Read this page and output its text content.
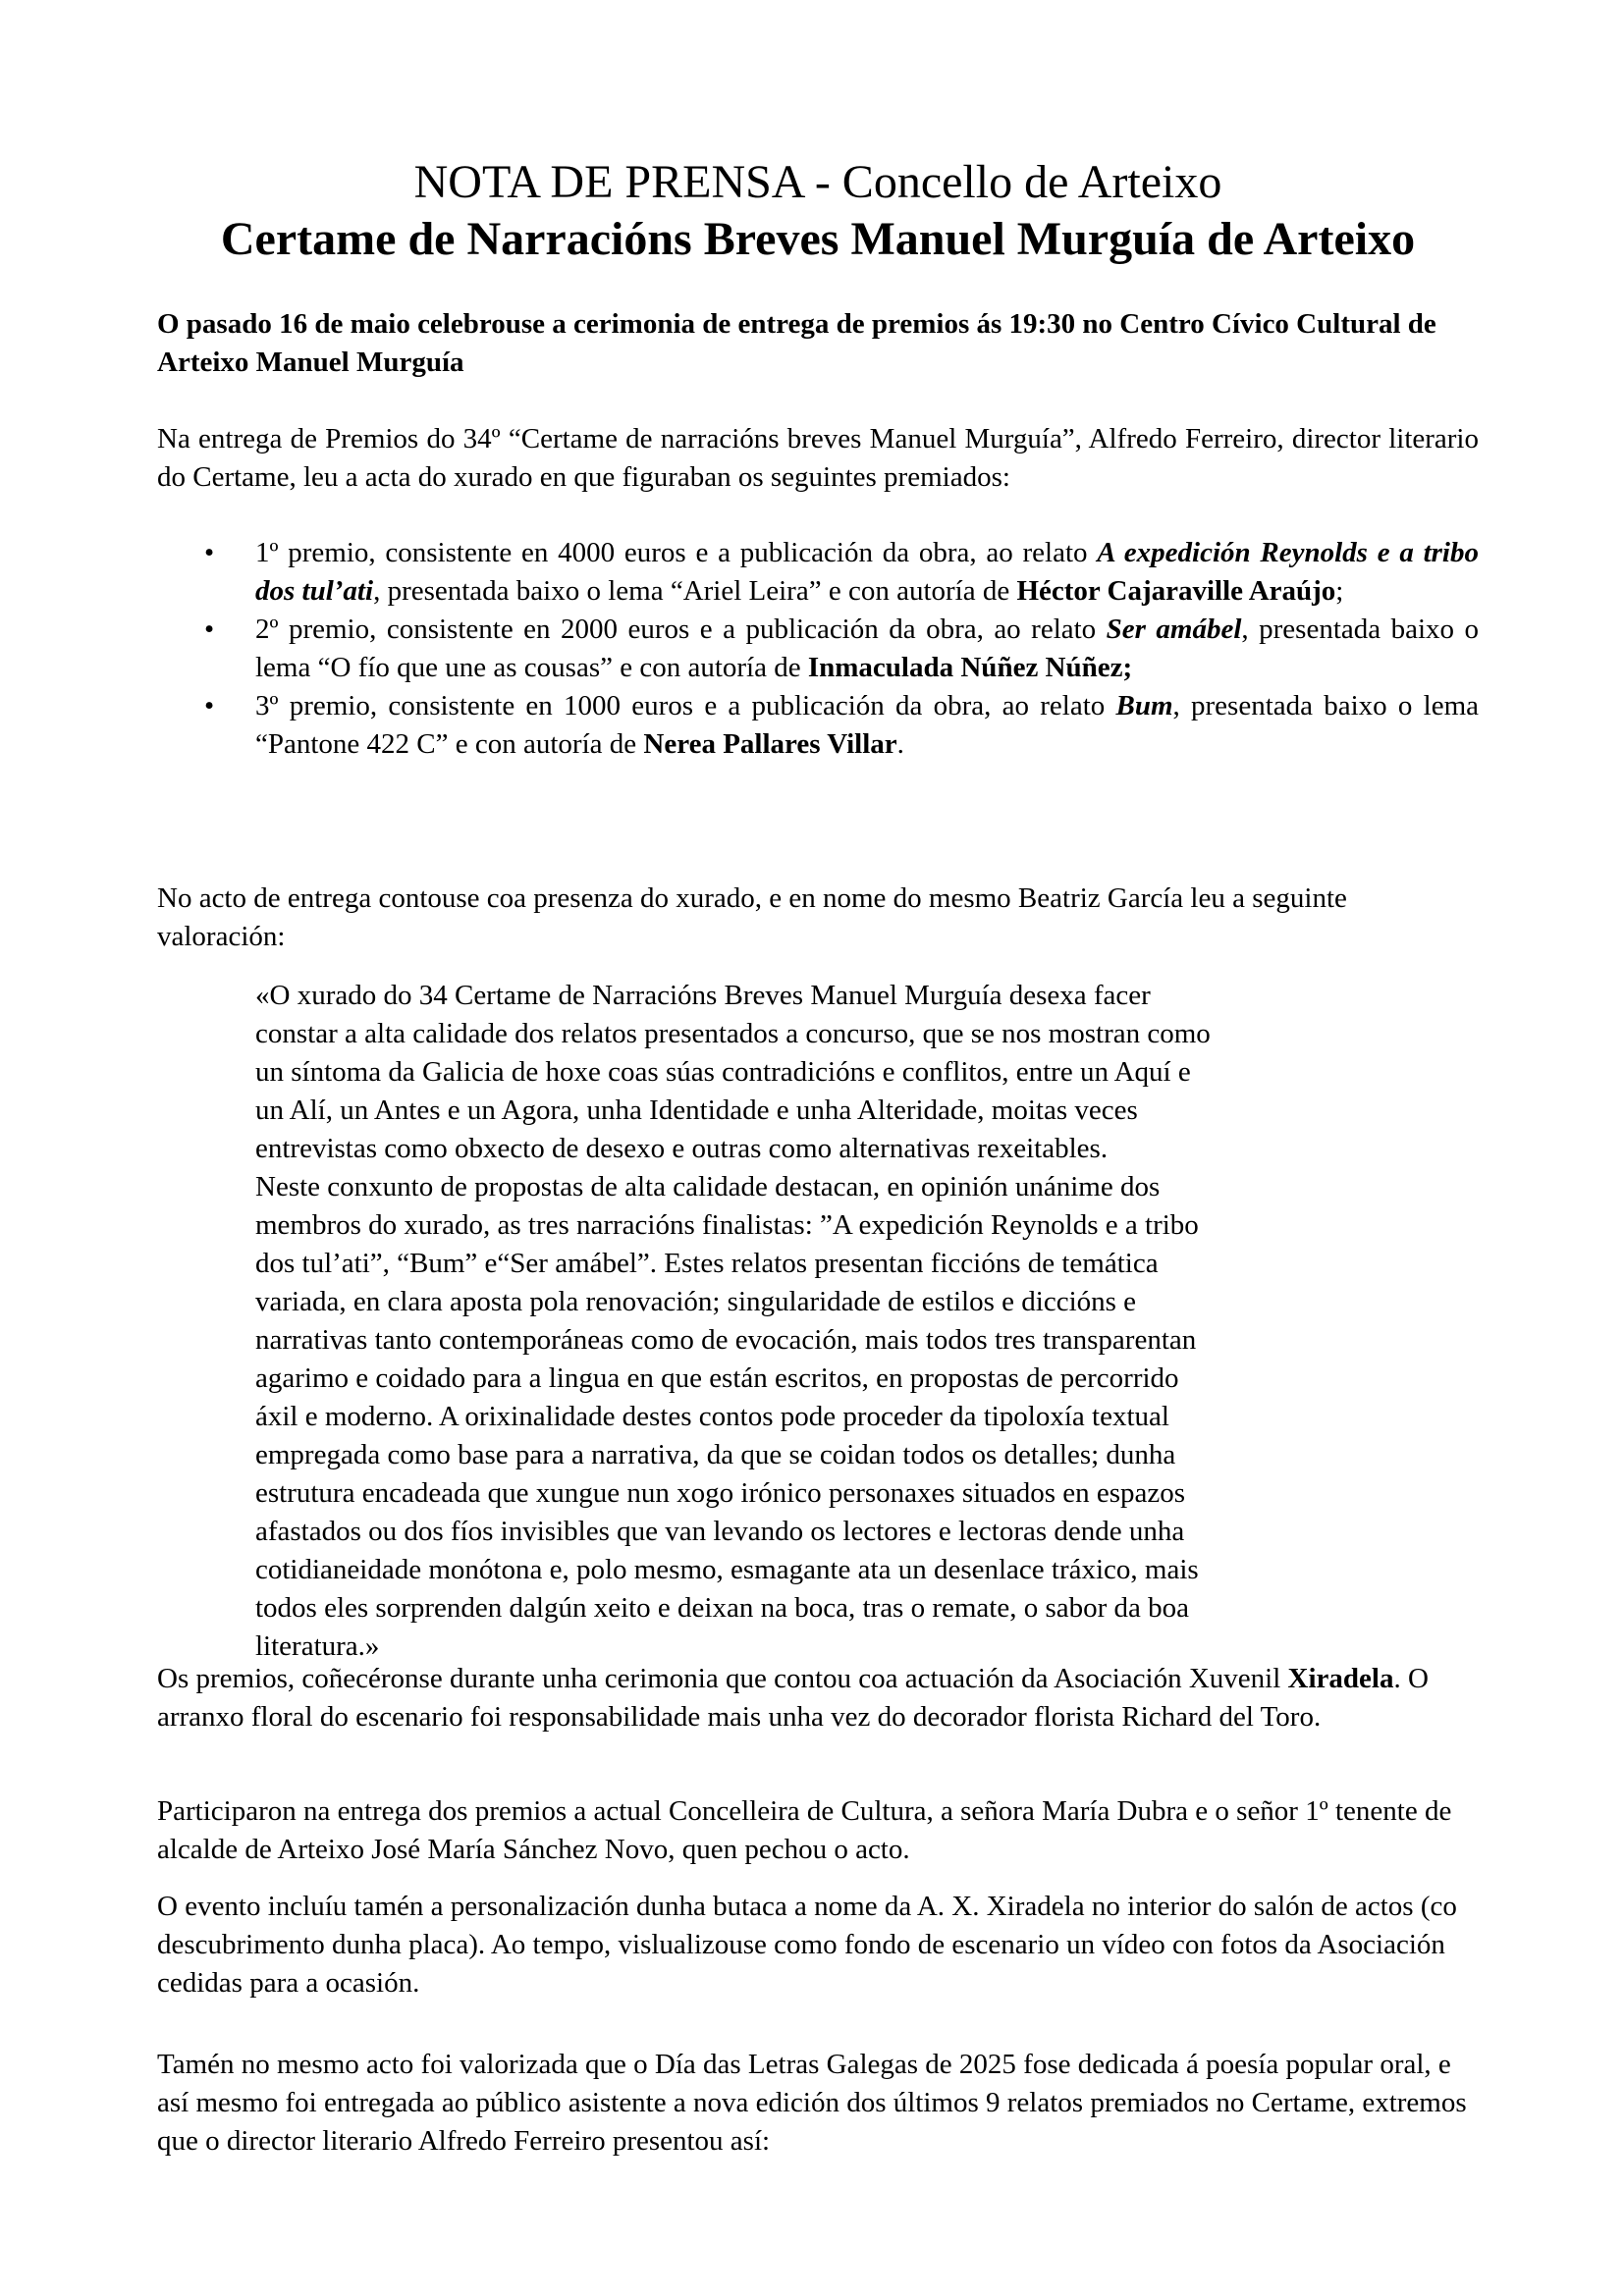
NOTA DE PRENSA - Concello de Arteixo
Certame de Narracións Breves Manuel Murguía de Arteixo

O pasado 16 de maio celebrouse a cerimonia de entrega de premios ás 19:30 no Centro Cívico Cultural de Arteixo Manuel Murguía

Na entrega de Premios do 34º “Certame de narracións breves Manuel Murguía”, Alfredo Ferreiro, director literario do Certame, leu a acta do xurado en que figuraban os seguintes premiados:

• 1º premio, consistente en 4000 euros e a publicación da obra, ao relato A expedición Reynolds e a tribo dos tul’ati, presentada baixo o lema “Ariel Leira” e con autoría de Héctor Cajaraville Araújo;
• 2º premio, consistente en 2000 euros e a publicación da obra, ao relato Ser amábel, presentada baixo o lema “O fío que une as cousas” e con autoría de Inmaculada Núñez Núñez;
• 3º premio, consistente en 1000 euros e a publicación da obra, ao relato Bum, presentada baixo o lema “Pantone 422 C” e con autoría de Nerea Pallares Villar.

No acto de entrega contouse coa presenza do xurado, e en nome do mesmo Beatriz García leu a seguinte valoración:

«O xurado do 34 Certame de Narracións Breves Manuel Murguía desexa facer
constar a alta calidade dos relatos presentados a concurso, que se nos mostran como
un síntoma da Galicia de hoxe coas súas contradicións e conflitos, entre un Aquí e
un Alí, un Antes e un Agora, unha Identidade e unha Alteridade, moitas veces
entrevistas como obxecto de desexo e outras como alternativas rexeitables.
Neste conxunto de propostas de alta calidade destacan, en opinión unánime dos
membros do xurado, as tres narracións finalistas: ”A expedición Reynolds e a tribo
dos tul’ati”, “Bum” e“Ser amábel”. Estes relatos presentan ficcións de temática
variada, en clara aposta pola renovación; singularidade de estilos e diccións e
narrativas tanto contemporáneas como de evocación, mais todos tres transparentan
agarimo e coidado para a lingua en que están escritos, en propostas de percorrido
áxil e moderno. A orixinalidade destes contos pode proceder da tipoloxía textual
empregada como base para a narrativa, da que se coidan todos os detalles; dunha
estrutura encadeada que xungue nun xogo irónico personaxes situados en espazos
afastados ou dos fíos invisibles que van levando os lectores e lectoras dende unha
cotidianeidade monótona e, polo mesmo, esmagante ata un desenlace tráxico, mais
todos eles sorprenden dalgún xeito e deixan na boca, tras o remate, o sabor da boa
literatura.»

Os premios, coñecéronse durante unha cerimonia que contou coa actuación da Asociación Xuvenil Xiradela. O arranxo floral do escenario foi responsabilidade mais unha vez do decorador florista Richard del Toro.

Participaron na entrega dos premios a actual Concelleira de Cultura, a señora María Dubra e o señor 1º tenente de alcalde de Arteixo José María Sánchez Novo, quen pechou o acto.

O evento incluíu tamén a personalización dunha butaca a nome da A. X. Xiradela no interior do salón de actos (co descubrimento dunha placa). Ao tempo, vislualizouse como fondo de escenario un vídeo con fotos da Asociación cedidas para a ocasión.

Tamén no mesmo acto foi valorizada que o Día das Letras Galegas de 2025 fose dedicada á poesía popular oral, e así mesmo foi entregada ao público asistente a nova edición dos últimos 9 relatos premiados no Certame, extremos que o director literario Alfredo Ferreiro presentou así:
